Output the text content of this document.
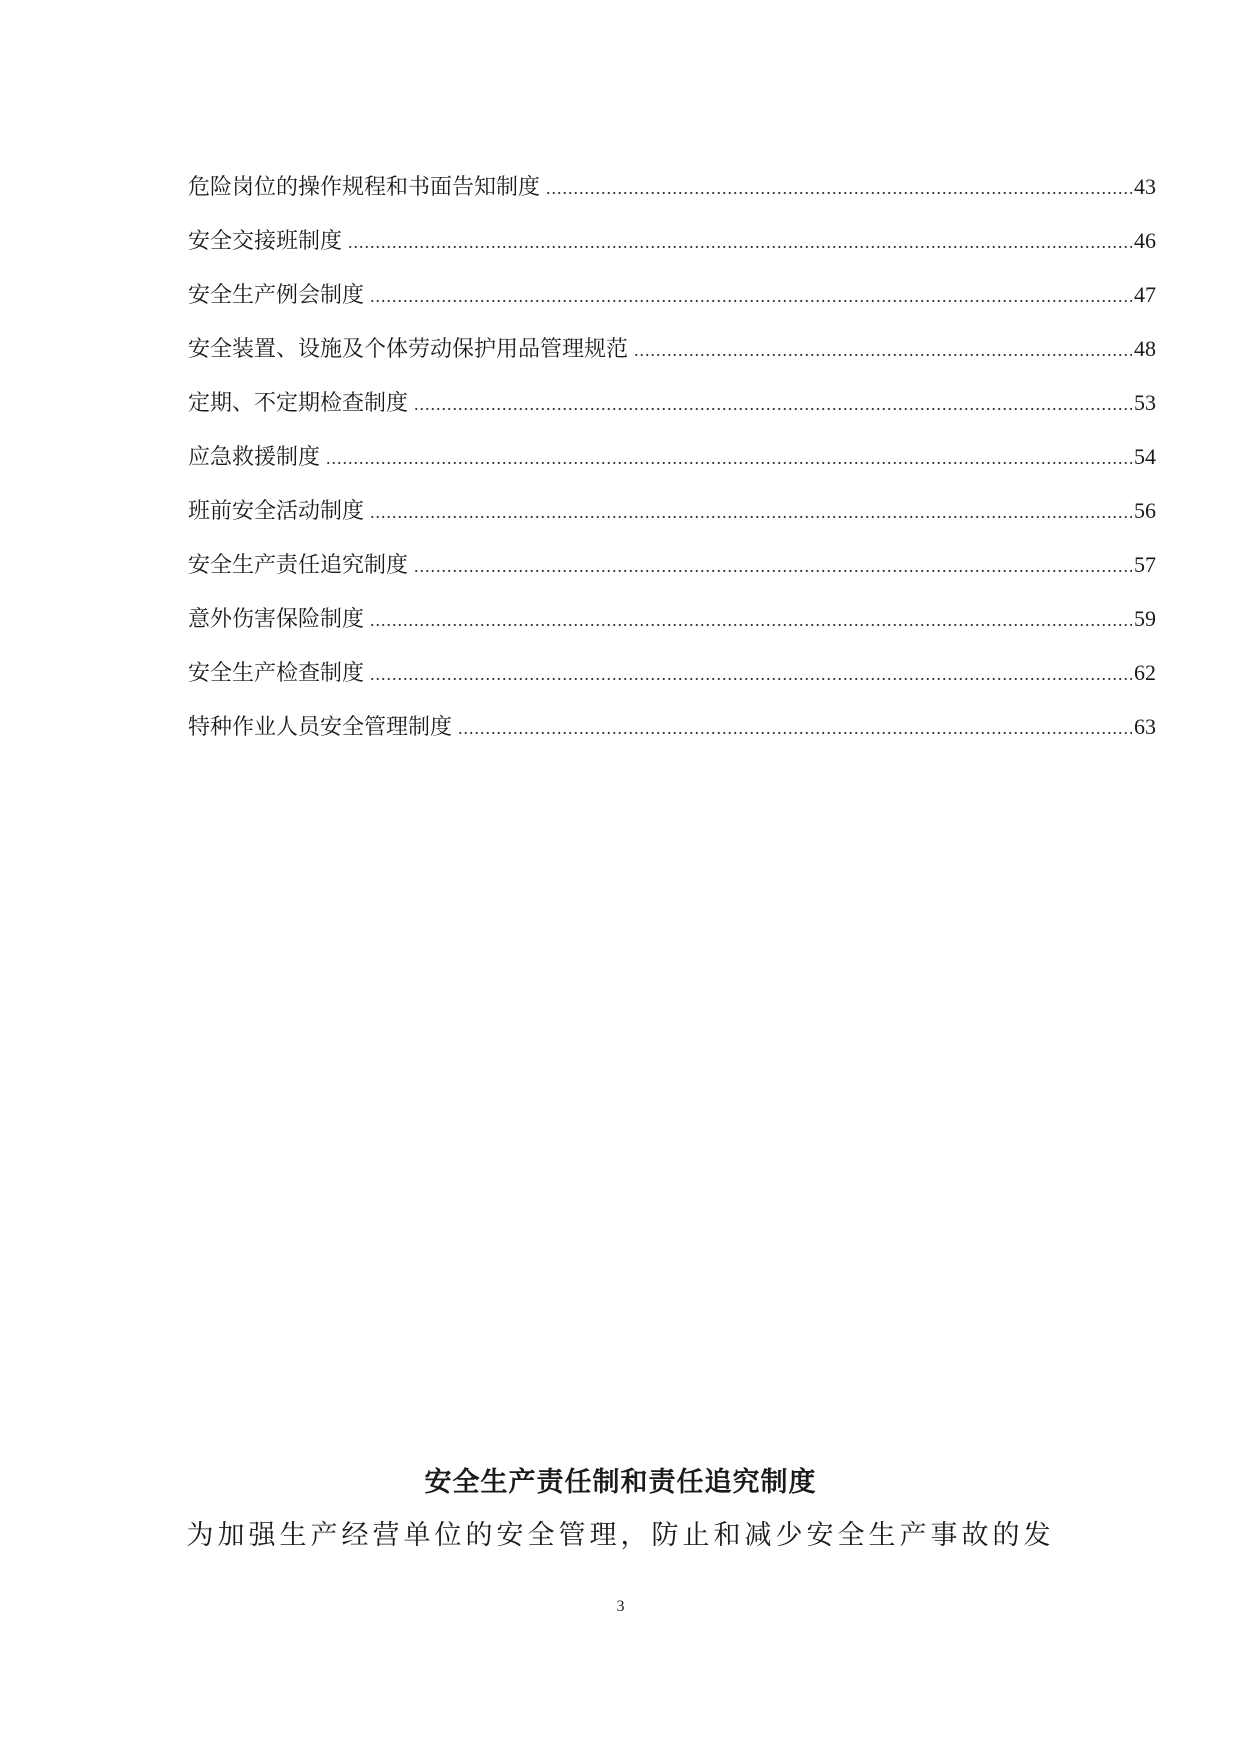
危险岗位的操作规程和书面告知制度 .....	43
安全交接班制度 .....	46
安全生产例会制度 .....	47
安全装置、设施及个体劳动保护用品管理规范 .....	48
定期、不定期检查制度 .....	53
应急救援制度 .....	54
班前安全活动制度 .....	56
安全生产责任追究制度 .....	57
意外伤害保险制度 .....	59
安全生产检查制度 .....	62
特种作业人员安全管理制度 .....	63
安全生产责任制和责任追究制度

为加强生产经营单位的安全管理，防止和减少安全生产事故的发

3
